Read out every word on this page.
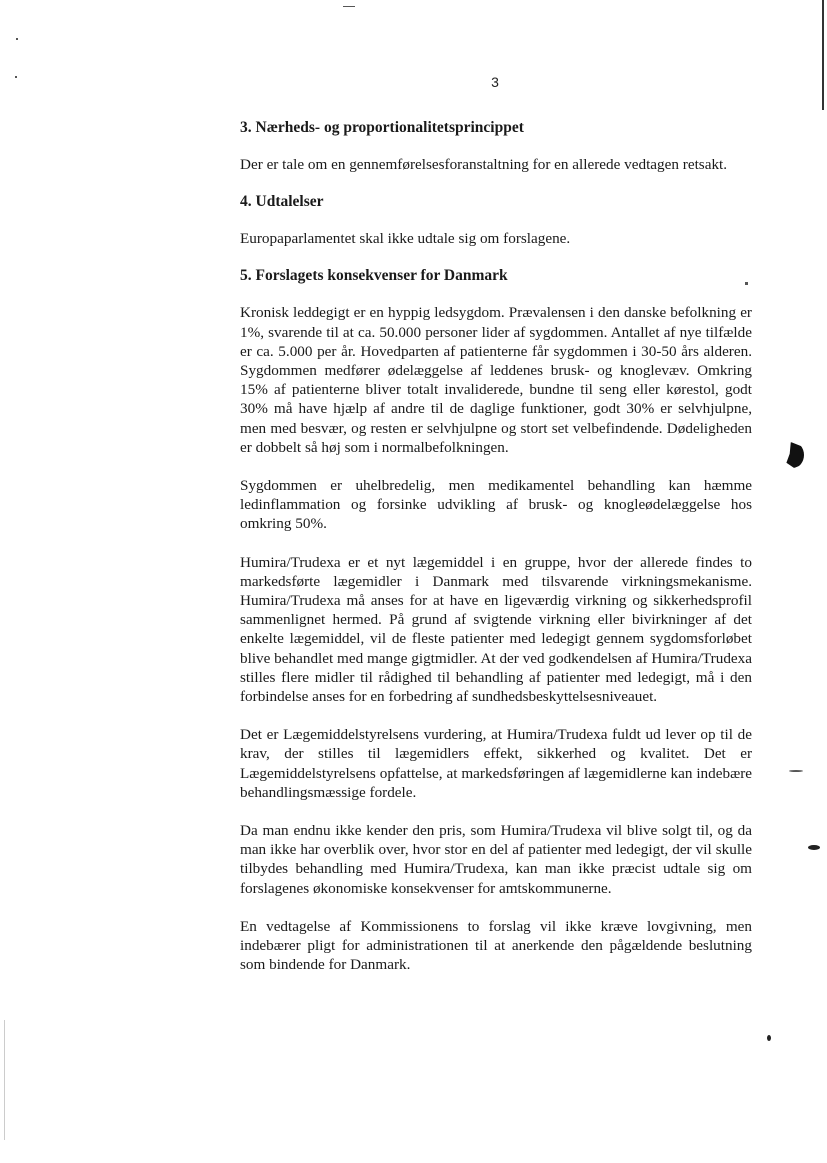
3
3. Nærheds- og proportionalitetsprincippet

Der er tale om en gennemførelsesforanstaltning for en allerede vedtagen retsakt.

4. Udtalelser

Europaparlamentet skal ikke udtale sig om forslagene.

5. Forslagets konsekvenser for Danmark

Kronisk leddegigt er en hyppig ledsygdom. Prævalensen i den danske befolkning er 1%, svarende til at ca. 50.000 personer lider af sygdommen. Antallet af nye tilfælde er ca. 5.000 per år. Hovedparten af patienterne får sygdommen i 30-50 års alderen. Sygdommen medfører ødelæggelse af leddenes brusk- og knoglevæv. Omkring 15% af patienterne bliver totalt invaliderede, bundne til seng eller kørestol, godt 30% må have hjælp af andre til de daglige funktioner, godt 30% er selvhjulpne, men med besvær, og resten er selvhjulpne og stort set velbefindende. Dødeligheden er dobbelt så høj som i normalbefolkningen.

Sygdommen er uhelbredelig, men medikamentel behandling kan hæmme ledinflammation og forsinke udvikling af brusk- og knogleødelæggelse hos omkring 50%.

Humira/Trudexa er et nyt lægemiddel i en gruppe, hvor der allerede findes to markedsførte lægemidler i Danmark med tilsvarende virkningsmekanisme. Humira/Trudexa må anses for at have en ligeværdig virkning og sikkerhedsprofil sammenlignet hermed. På grund af svigtende virkning eller bivirkninger af det enkelte lægemiddel, vil de fleste patienter med ledegigt gennem sygdomsforløbet blive behandlet med mange gigtmidler. At der ved godkendelsen af Humira/Trudexa stilles flere midler til rådighed til behandling af patienter med ledegigt, må i den forbindelse anses for en forbedring af sundhedsbeskyttelsesniveauet.

Det er Lægemiddelstyrelsens vurdering, at Humira/Trudexa fuldt ud lever op til de krav, der stilles til lægemidlers effekt, sikkerhed og kvalitet. Det er Lægemiddelstyrelsens opfattelse, at markedsføringen af lægemidlerne kan indebære behandlingsmæssige fordele.

Da man endnu ikke kender den pris, som Humira/Trudexa vil blive solgt til, og da man ikke har overblik over, hvor stor en del af patienter med ledegigt, der vil skulle tilbydes behandling med Humira/Trudexa, kan man ikke præcist udtale sig om forslagenes økonomiske konsekvenser for amtskommunerne.

En vedtagelse af Kommissionens to forslag vil ikke kræve lovgivning, men indebærer pligt for administrationen til at anerkende den pågældende beslutning som bindende for Danmark.
